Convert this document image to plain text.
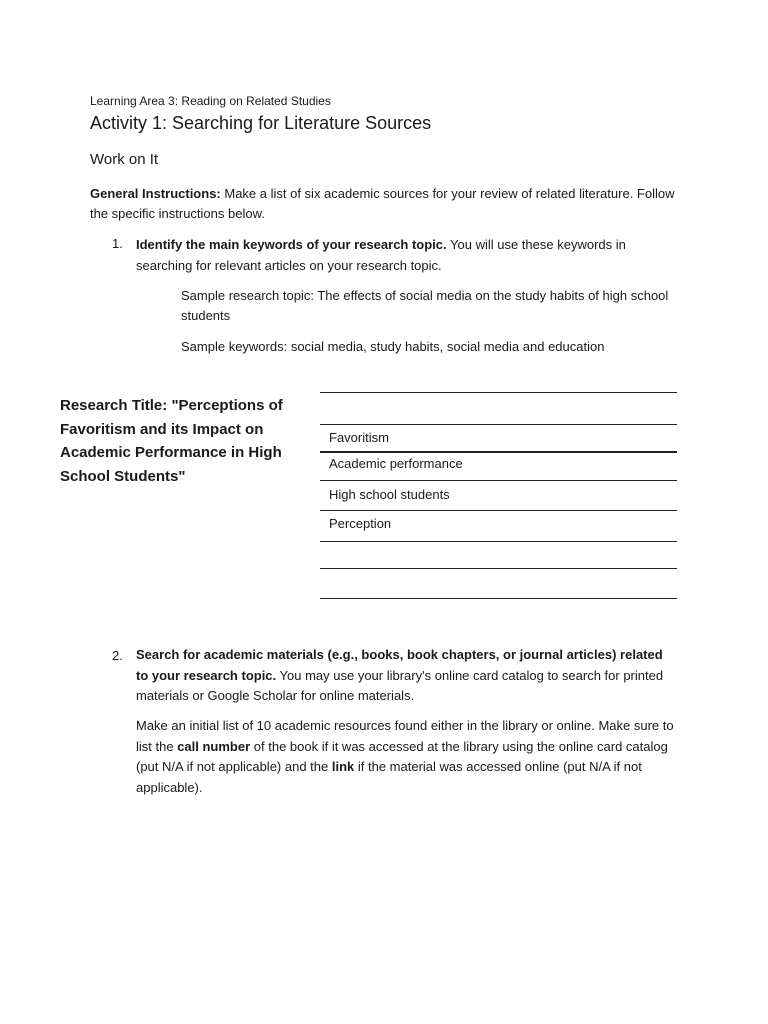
Learning Area 3: Reading on Related Studies
Activity 1: Searching for Literature Sources
Work on It
General Instructions: Make a list of six academic sources for your review of related literature. Follow the specific instructions below.
1. Identify the main keywords of your research topic. You will use these keywords in searching for relevant articles on your research topic.
Sample research topic: The effects of social media on the study habits of high school students
Sample keywords: social media, study habits, social media and education
Research Title: "Perceptions of Favoritism and its Impact on Academic Performance in High School Students"
Favoritism
Academic performance
High school students
Perception
2. Search for academic materials (e.g., books, book chapters, or journal articles) related to your research topic. You may use your library's online card catalog to search for printed materials or Google Scholar for online materials.
Make an initial list of 10 academic resources found either in the library or online. Make sure to list the call number of the book if it was accessed at the library using the online card catalog (put N/A if not applicable) and the link if the material was accessed online (put N/A if not applicable).
